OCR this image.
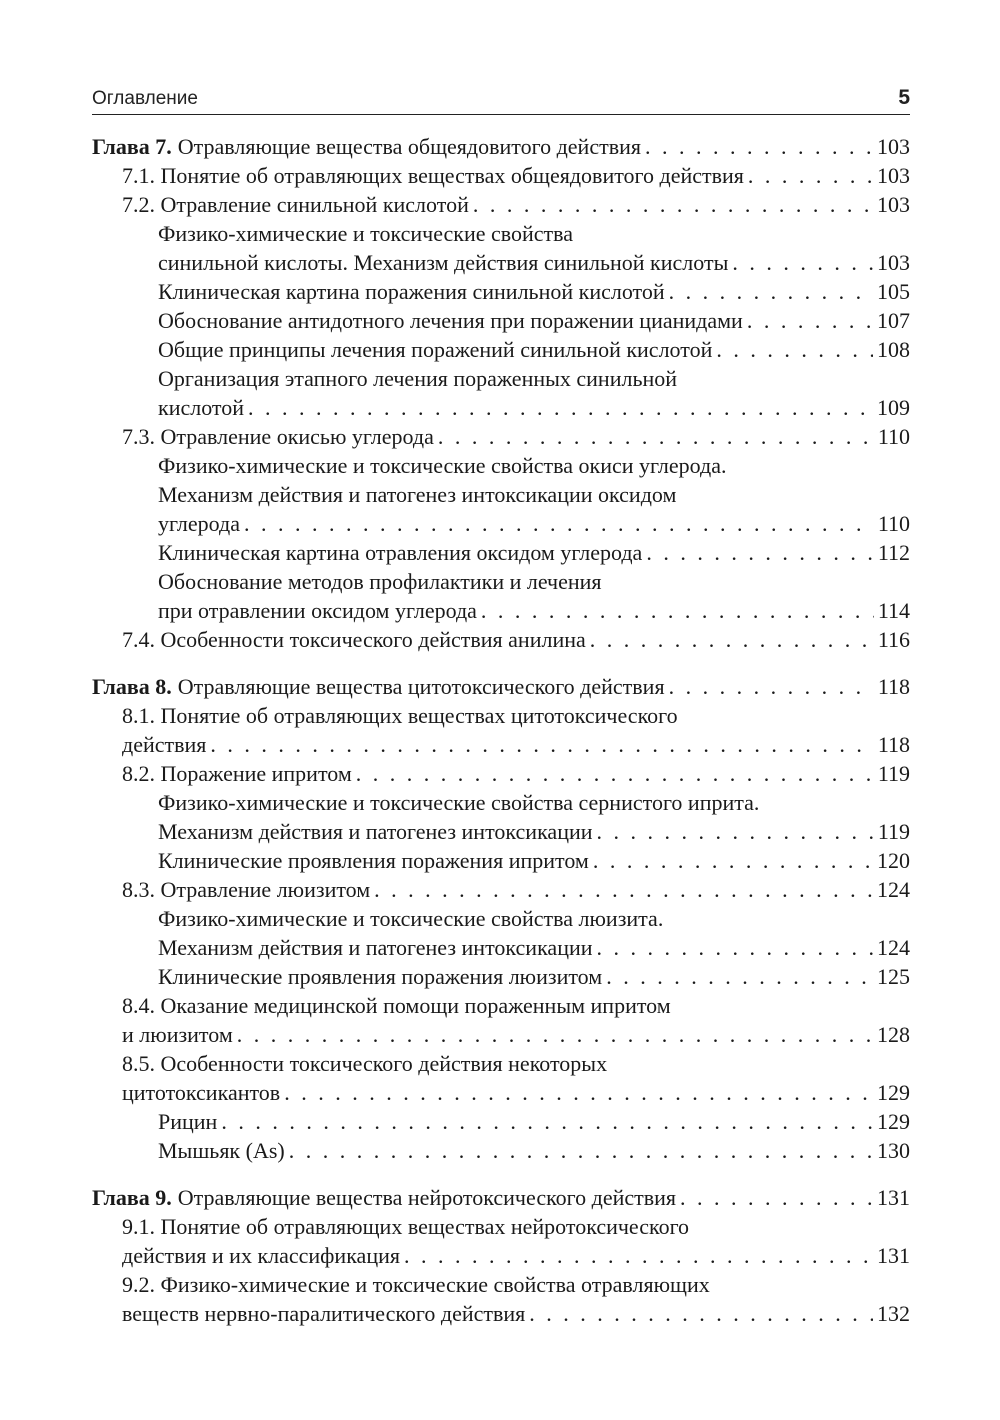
Оглавление	5
Глава 7. Отравляющие вещества общеядовитого действия . . .	103
7.1. Понятие об отравляющих веществах общеядовитого действия . . .	103
7.2. Отравление синильной кислотой . . .	103
Физико-химические и токсические свойства
синильной кислоты. Механизм действия синильной кислоты . . .	103
Клиническая картина поражения синильной кислотой . . .	105
Обоснование антидотного лечения при поражении цианидами . . .	107
Общие принципы лечения поражений синильной кислотой . . .	108
Организация этапного лечения пораженных синильной
кислотой . . .	109
7.3. Отравление окисью углерода . . .	110
Физико-химические и токсические свойства окиси углерода.
Механизм действия и патогенез интоксикации оксидом
углерода . . .	110
Клиническая картина отравления оксидом углерода . . .	112
Обоснование методов профилактики и лечения
при отравлении оксидом углерода . . .	114
7.4. Особенности токсического действия анилина . . .	116
Глава 8. Отравляющие вещества цитотоксического действия . . .	118
8.1. Понятие об отравляющих веществах цитотоксического
действия . . .	118
8.2. Поражение ипритом . . .	119
Физико-химические и токсические свойства сернистого иприта.
Механизм действия и патогенез интоксикации . . .	119
Клинические проявления поражения ипритом . . .	120
8.3. Отравление люизитом . . .	124
Физико-химические и токсические свойства люизита.
Механизм действия и патогенез интоксикации . . .	124
Клинические проявления поражения люизитом . . .	125
8.4. Оказание медицинской помощи пораженным ипритом
и люизитом . . .	128
8.5. Особенности токсического действия некоторых
цитотоксикантов . . .	129
Рицин . . .	129
Мышьяк (As) . . .	130
Глава 9. Отравляющие вещества нейротоксического действия . . .	131
9.1. Понятие об отравляющих веществах нейротоксического
действия и их классификация . . .	131
9.2. Физико-химические и токсические свойства отравляющих
веществ нервно-паралитического действия . . .	132
